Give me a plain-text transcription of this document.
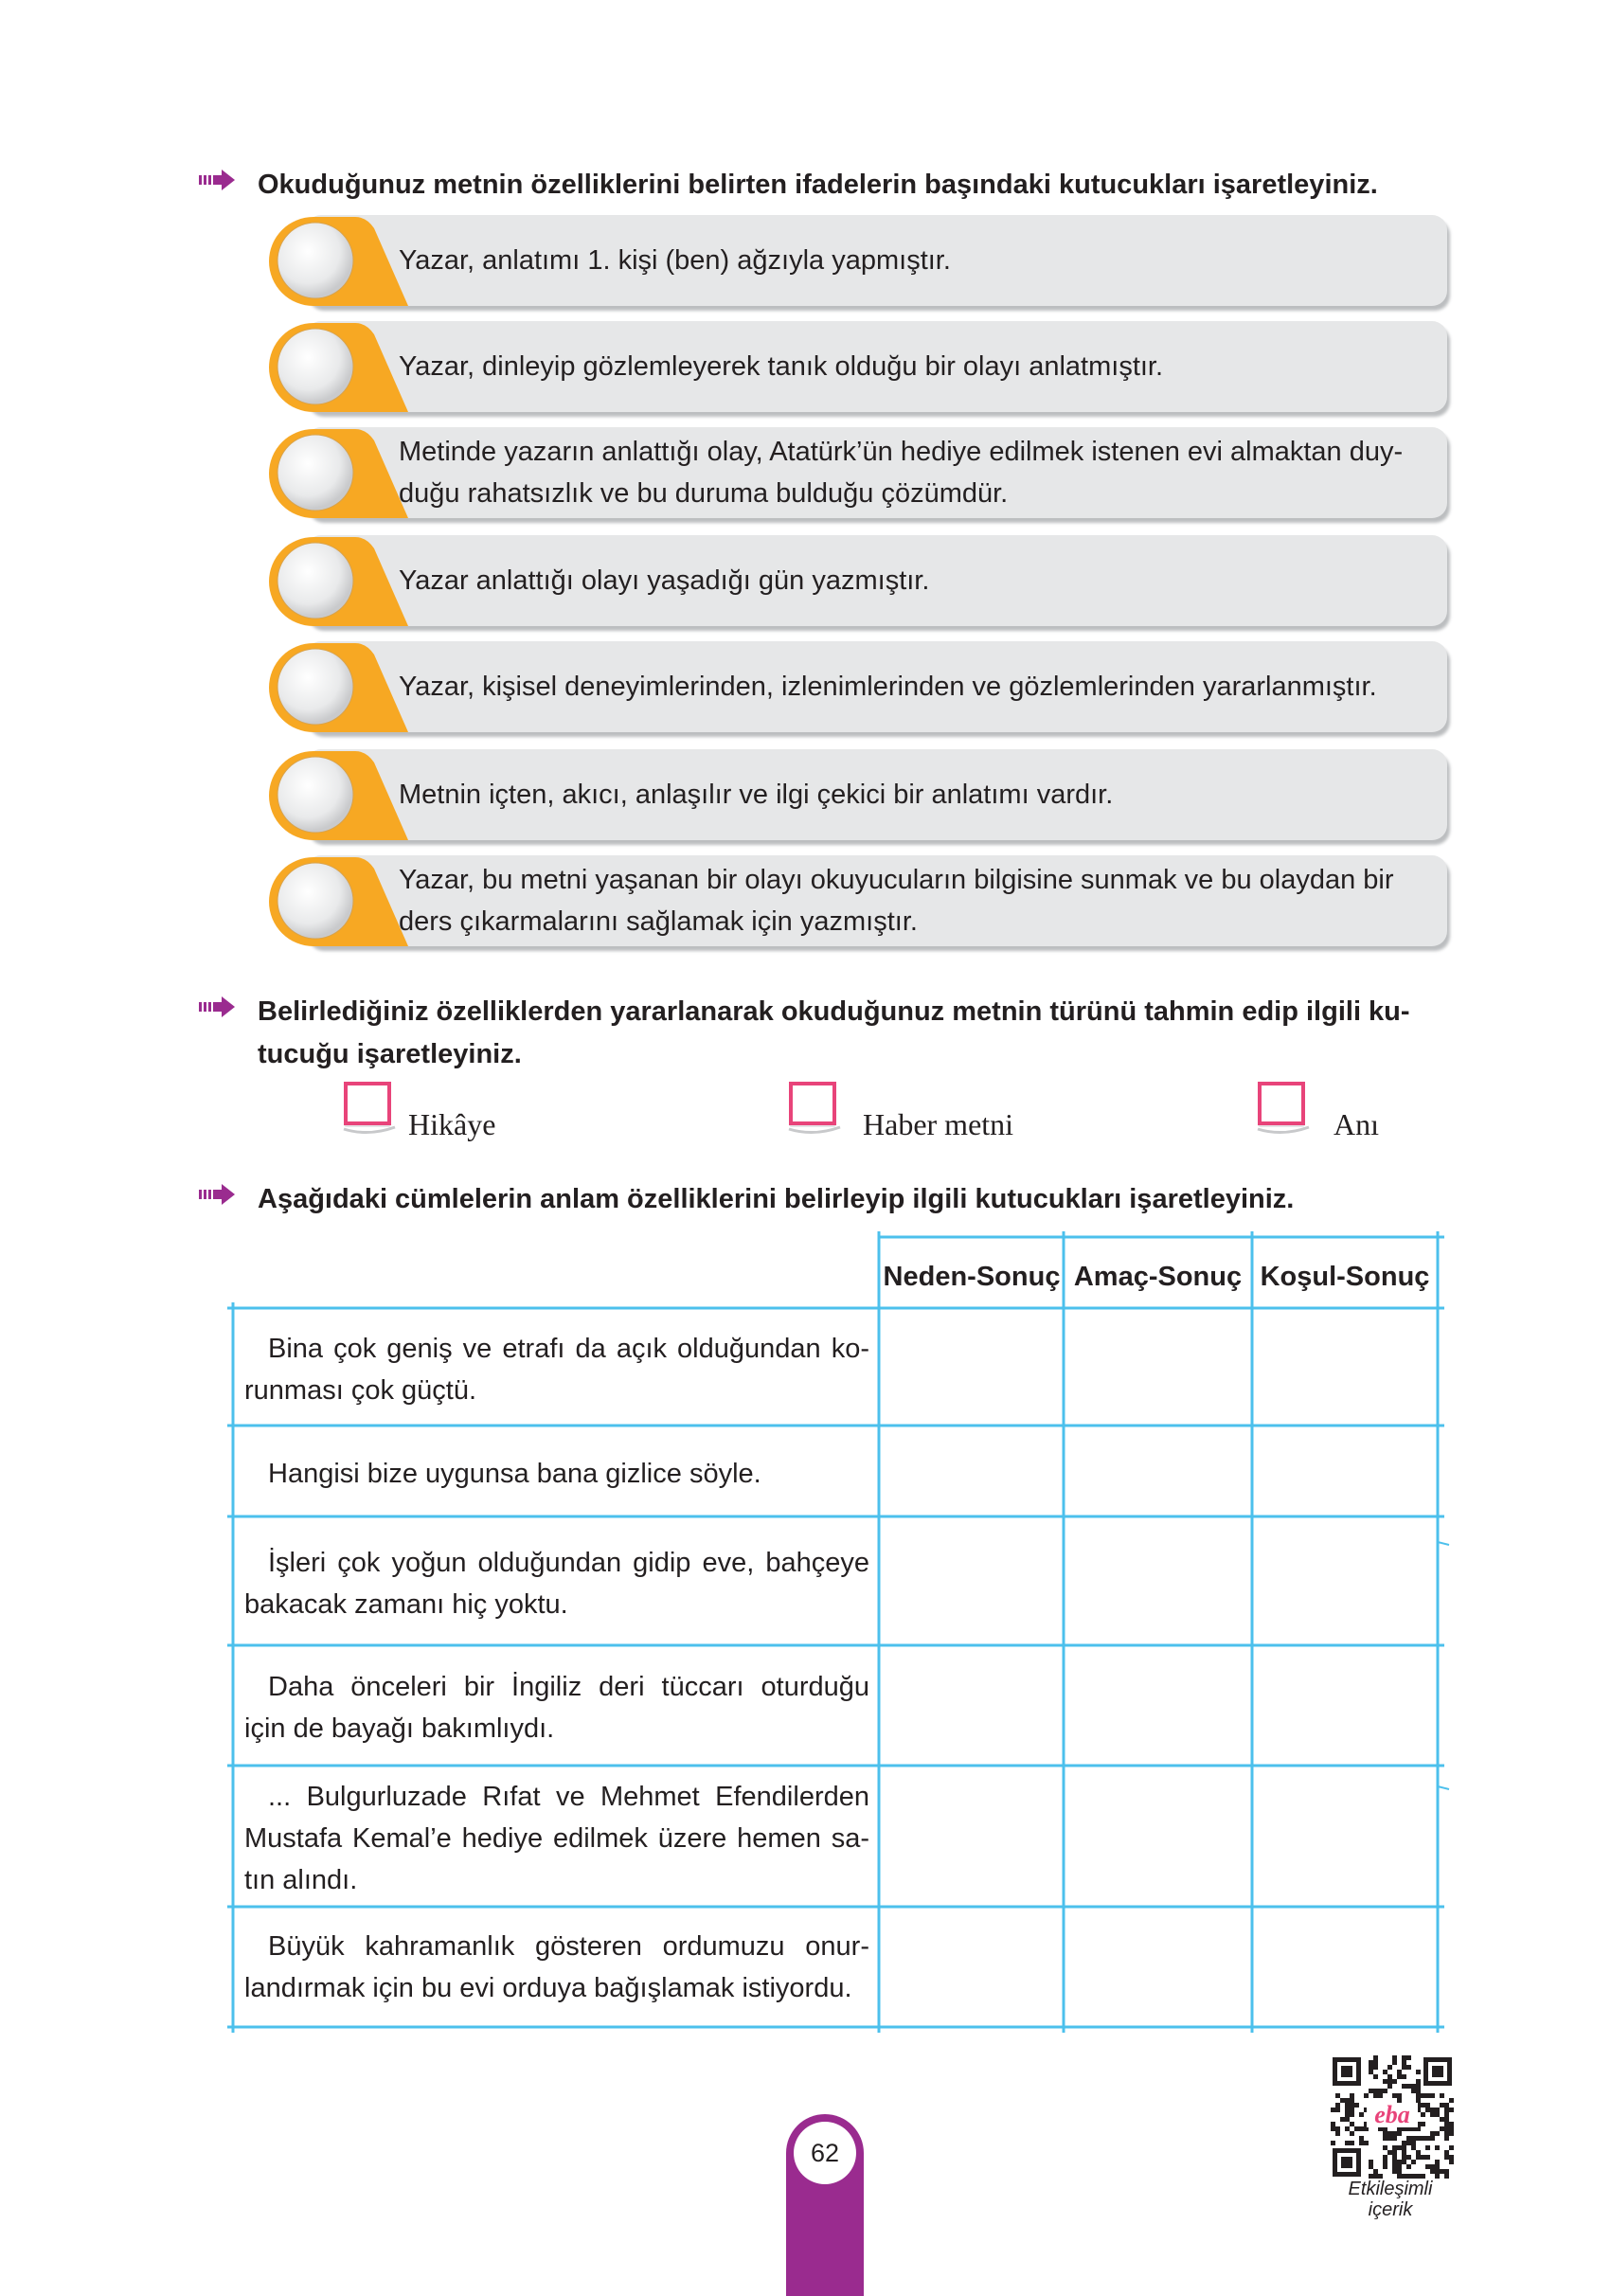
Okuduğunuz metnin özelliklerini belirten ifadelerin başındaki kutucukları işaretleyiniz.
Yazar, anlatımı 1. kişi (ben) ağzıyla yapmıştır.
Yazar, dinleyip gözlemleyerek tanık olduğu bir olayı anlatmıştır.
Metinde yazarın anlattığı olay, Atatürk’ün hediye edilmek istenen evi almaktan duy-
duğu rahatsızlık ve bu duruma bulduğu çözümdür.
Yazar anlattığı olayı yaşadığı gün yazmıştır.
Yazar, kişisel deneyimlerinden, izlenimlerinden ve gözlemlerinden yararlanmıştır.
Metnin içten, akıcı, anlaşılır ve ilgi çekici bir anlatımı vardır.
Yazar, bu metni yaşanan bir olayı okuyucuların bilgisine sunmak ve bu olaydan bir
ders çıkarmalarını sağlamak için yazmıştır.
Belirlediğiniz özelliklerden yararlanarak okuduğunuz metnin türünü tahmin edip ilgili ku-
tucuğu işaretleyiniz.
Hikâye	Haber metni	Anı
Aşağıdaki cümlelerin anlam özelliklerini belirleyip ilgili kutucukları işaretleyiniz.
Neden-Sonuç Amaç-Sonuç Koşul-Sonuç
Bina çok geniş ve etrafı da açık olduğundan ko-
runması çok güçtü.
Hangisi bize uygunsa bana gizlice söyle.
İşleri çok yoğun olduğundan gidip eve, bahçeye
bakacak zamanı hiç yoktu.
Daha önceleri bir İngiliz deri tüccarı oturduğu
için de bayağı bakımlıydı.
... Bulgurluzade Rıfat ve Mehmet Efendilerden
Mustafa Kemal’e hediye edilmek üzere hemen sa-
tın alındı.
Büyük kahramanlık gösteren ordumuzu onur-
landırmak için bu evi orduya bağışlamak istiyordu.
62
eba
Etkileşimli
içerik
